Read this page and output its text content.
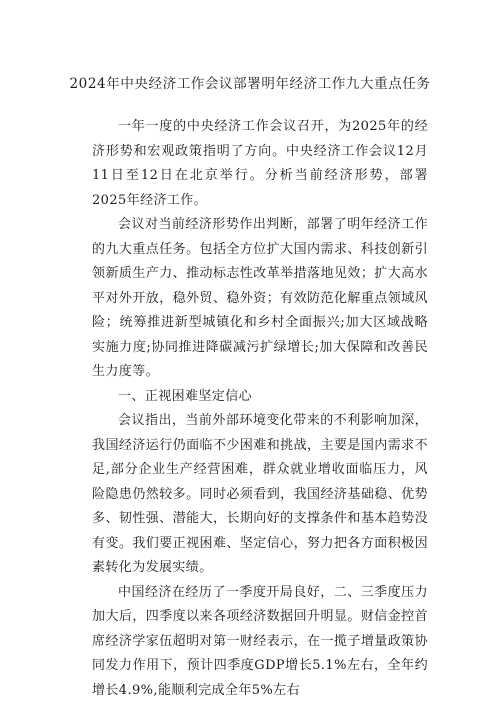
2024年中央经济工作会议部署明年经济工作九大重点任务

一年一度的中央经济工作会议召开，为2025年的经济形势和宏观政策指明了方向。中央经济工作会议12月11日至12日在北京举行。分析当前经济形势，部署2025年经济工作。

会议对当前经济形势作出判断，部署了明年经济工作的九大重点任务。包括全方位扩大国内需求、科技创新引领新质生产力、推动标志性改革举措落地见效；扩大高水平对外开放，稳外贸、稳外资；有效防范化解重点领域风险；统筹推进新型城镇化和乡村全面振兴;加大区域战略实施力度;协同推进降碳减污扩绿增长;加大保障和改善民生力度等。

一、正视困难坚定信心

会议指出，当前外部环境变化带来的不利影响加深，我国经济运行仍面临不少困难和挑战，主要是国内需求不足,部分企业生产经营困难，群众就业增收面临压力，风险隐患仍然较多。同时必须看到，我国经济基础稳、优势多、韧性强、潜能大，长期向好的支撑条件和基本趋势没有变。我们要正视困难、坚定信心，努力把各方面积极因素转化为发展实绩。

中国经济在经历了一季度开局良好，二、三季度压力加大后，四季度以来各项经济数据回升明显。财信金控首席经济学家伍超明对第一财经表示，在一揽子增量政策协同发力作用下，预计四季度GDP增长5.1%左右，全年约增长4.9%,能顺利完成全年5%左右
